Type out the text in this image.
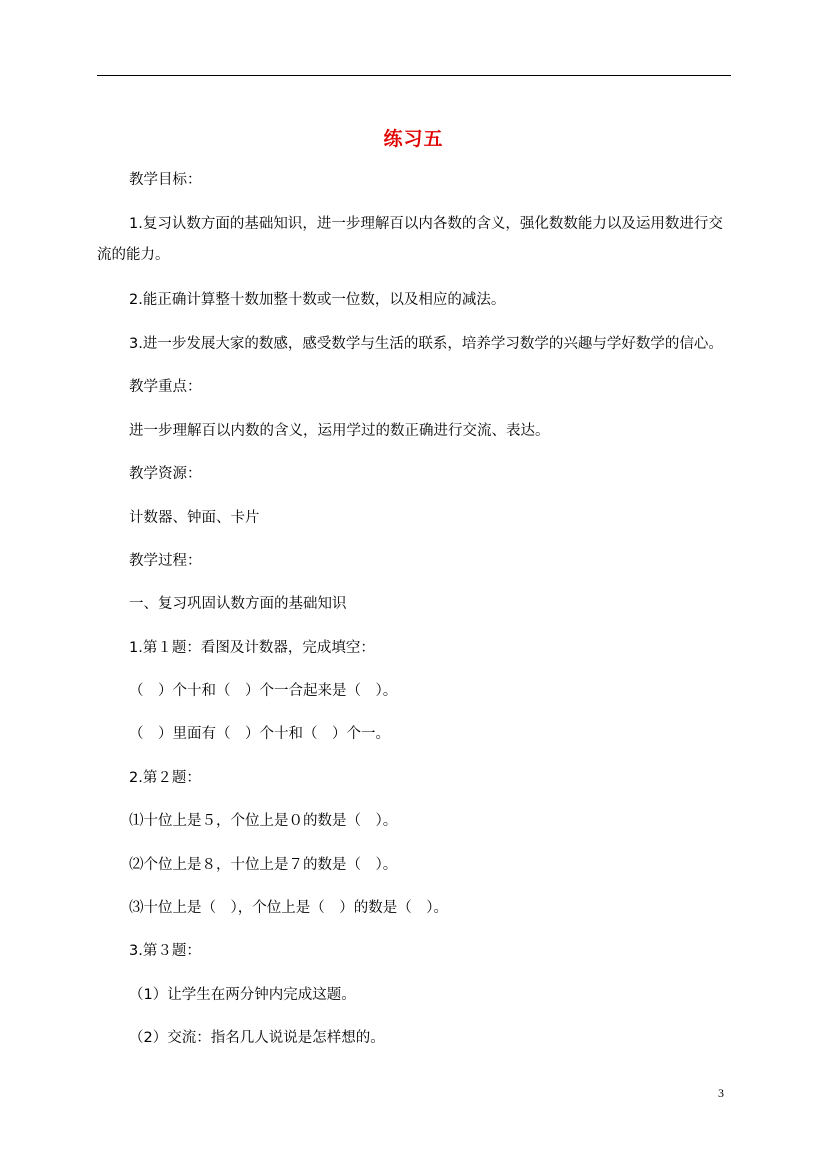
练习五
教学目标：
1.复习认数方面的基础知识，进一步理解百以内各数的含义，强化数数能力以及运用数进行交
流的能力。
2.能正确计算整十数加整十数或一位数，以及相应的减法。
3.进一步发展大家的数感，感受数学与生活的联系，培养学习数学的兴趣与学好数学的信心。
教学重点：
进一步理解百以内数的含义，运用学过的数正确进行交流、表达。
教学资源：
计数器、钟面、卡片
教学过程：
一、复习巩固认数方面的基础知识
1.第１题：看图及计数器，完成填空：
（　）个十和（　）个一合起来是（　）。
（　）里面有（　）个十和（　）个一。
2.第２题：
⑴十位上是５，个位上是０的数是（　）。
⑵个位上是８，十位上是７的数是（　）。
⑶十位上是（　），个位上是（　）的数是（　）。
3.第３题：
（1）让学生在两分钟内完成这题。
（2）交流：指名几人说说是怎样想的。
3
